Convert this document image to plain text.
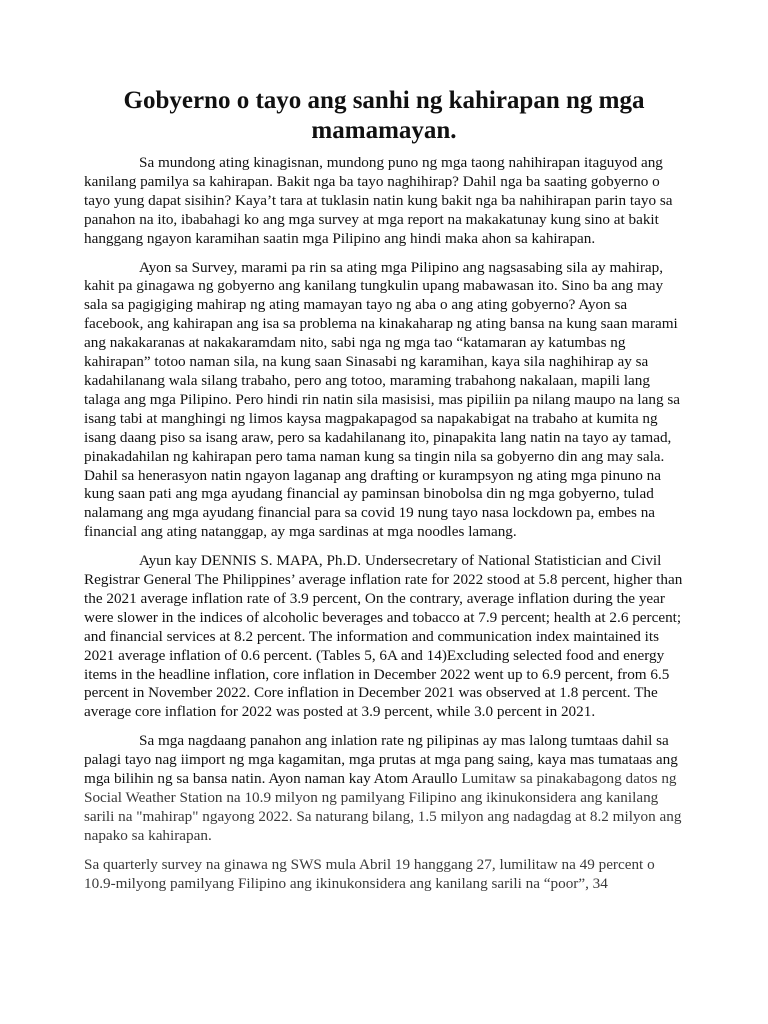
Gobyerno o tayo ang sanhi ng kahirapan ng mga mamamayan.

Sa mundong ating kinagisnan, mundong puno ng mga taong nahihirapan itaguyod ang kanilang pamilya sa kahirapan. Bakit nga ba tayo naghihirap? Dahil nga ba saating gobyerno o tayo yung dapat sisihin? Kaya’t tara at tuklasin natin kung bakit nga ba nahihirapan parin tayo sa panahon na ito, ibabahagi ko ang mga survey at mga report na makakatunay kung sino at bakit hanggang ngayon karamihan saatin mga Pilipino ang hindi maka ahon sa kahirapan.

Ayon sa Survey, marami pa rin sa ating mga Pilipino ang nagsasabing sila ay mahirap, kahit pa ginagawa ng gobyerno ang kanilang tungkulin upang mabawasan ito. Sino ba ang may sala sa pagigiging mahirap ng ating mamayan tayo ng aba o ang ating gobyerno? Ayon sa facebook, ang kahirapan ang isa sa problema na kinakaharap ng ating bansa na kung saan marami ang nakakaranas at nakakaramdam nito, sabi nga ng mga tao “katamaran ay katumbas ng kahirapan” totoo naman sila, na kung saan Sinasabi ng karamihan, kaya sila naghihirap ay sa kadahilanang wala silang trabaho, pero ang totoo, maraming trabahong nakalaan, mapili lang talaga ang mga Pilipino. Pero hindi rin natin sila masisisi, mas pipiliin pa nilang maupo na lang sa isang tabi at manghingi ng limos kaysa magpakapagod sa napakabigat na trabaho at kumita ng isang daang piso sa isang araw, pero sa kadahilanang ito, pinapakita lang natin na tayo ay tamad, pinakadahilan ng kahirapan pero tama naman kung sa tingin nila sa gobyerno din ang may sala. Dahil sa henerasyon natin ngayon laganap ang drafting or kurampsyon ng ating mga pinuno na kung saan pati ang mga ayudang financial ay paminsan binobolsa din ng mga gobyerno, tulad nalamang ang mga ayudang financial para sa covid 19 nung tayo nasa lockdown pa, embes na financial ang ating natanggap, ay mga sardinas at mga noodles lamang.

Ayun kay DENNIS S. MAPA, Ph.D. Undersecretary of National Statistician and Civil Registrar General The Philippines’ average inflation rate for 2022 stood at 5.8 percent, higher than the 2021 average inflation rate of 3.9 percent, On the contrary, average inflation during the year were slower in the indices of alcoholic beverages and tobacco at 7.9 percent; health at 2.6 percent; and financial services at 8.2 percent. The information and communication index maintained its 2021 average inflation of 0.6 percent. (Tables 5, 6A and 14)Excluding selected food and energy items in the headline inflation, core inflation in December 2022 went up to 6.9 percent, from 6.5 percent in November 2022. Core inflation in December 2021 was observed at 1.8 percent. The average core inflation for 2022 was posted at 3.9 percent, while 3.0 percent in 2021.

Sa mga nagdaang panahon ang inlation rate ng pilipinas ay mas lalong tumtaas dahil sa palagi tayo nag iimport ng mga kagamitan, mga prutas at mga pang saing, kaya mas tumataas ang mga bilihin ng sa bansa natin. Ayon naman kay Atom Araullo Lumitaw sa pinakabagong datos ng Social Weather Station na 10.9 milyon ng pamilyang Filipino ang ikinukonsidera ang kanilang sarili na "mahirap" ngayong 2022. Sa naturang bilang, 1.5 milyon ang nadagdag at 8.2 milyon ang napako sa kahirapan.

Sa quarterly survey na ginawa ng SWS mula Abril 19 hanggang 27, lumilitaw na 49 percent o 10.9-milyong pamilyang Filipino ang ikinukonsidera ang kanilang sarili na “poor”, 34
